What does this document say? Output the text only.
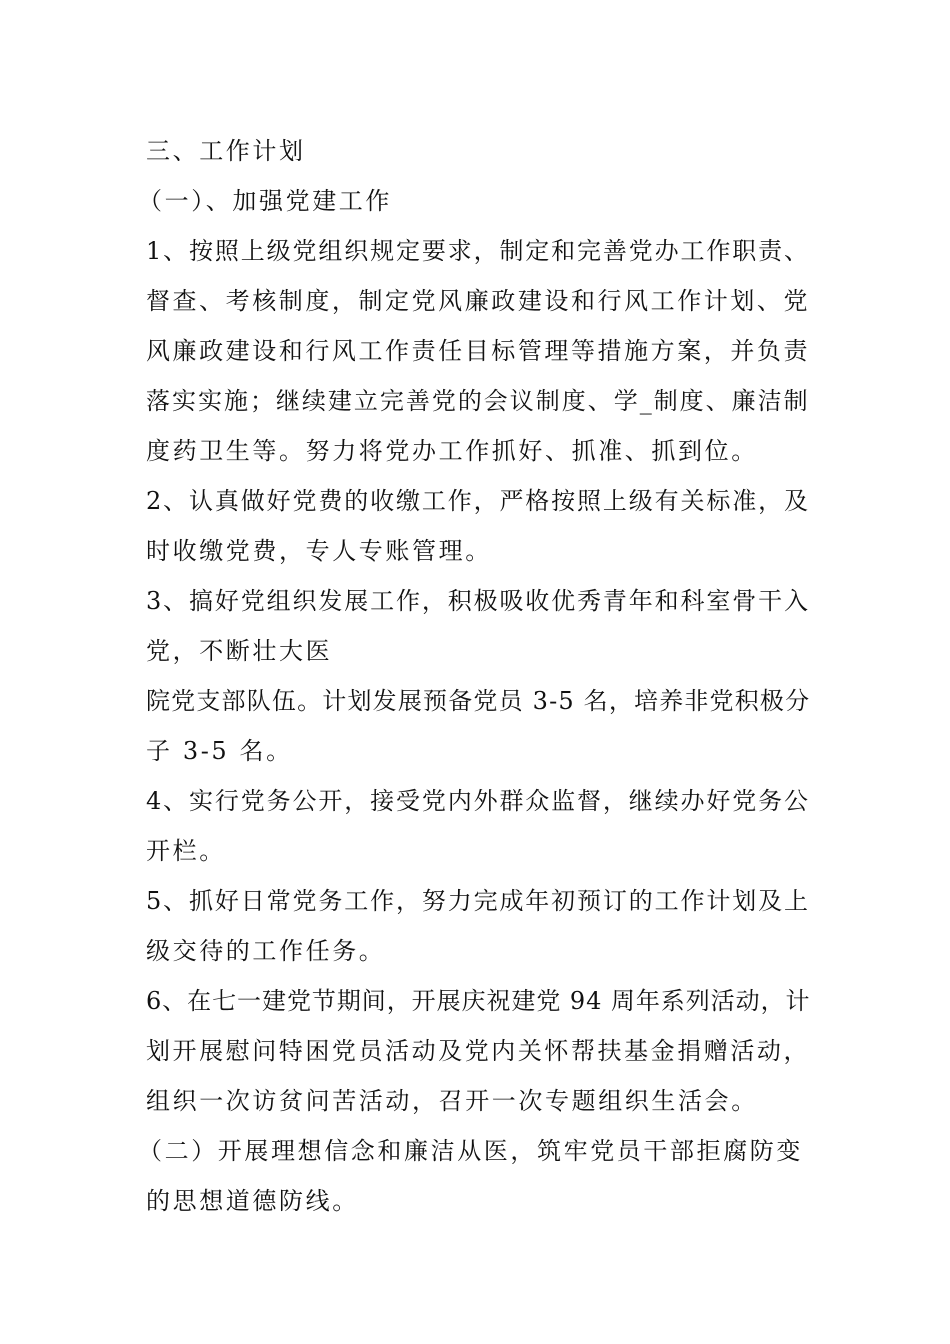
三、工作计划
（一）、加强党建工作
1、按照上级党组织规定要求，制定和完善党办工作职责、
督查、考核制度，制定党风廉政建设和行风工作计划、党
风廉政建设和行风工作责任目标管理等措施方案，并负责
落实实施；继续建立完善党的会议制度、学_制度、廉洁制
度药卫生等。努力将党办工作抓好、抓准、抓到位。
2、认真做好党费的收缴工作，严格按照上级有关标准，及
时收缴党费，专人专账管理。
3、搞好党组织发展工作，积极吸收优秀青年和科室骨干入
党，不断壮大医
院党支部队伍。计划发展预备党员 3-5 名，培养非党积极分
子 3-5 名。
4、实行党务公开，接受党内外群众监督，继续办好党务公
开栏。
5、抓好日常党务工作，努力完成年初预订的工作计划及上
级交待的工作任务。
6、在七一建党节期间，开展庆祝建党 94 周年系列活动，计
划开展慰问特困党员活动及党内关怀帮扶基金捐赠活动，
组织一次访贫问苦活动，召开一次专题组织生活会。
（二）开展理想信念和廉洁从医，筑牢党员干部拒腐防变
的思想道德防线。
